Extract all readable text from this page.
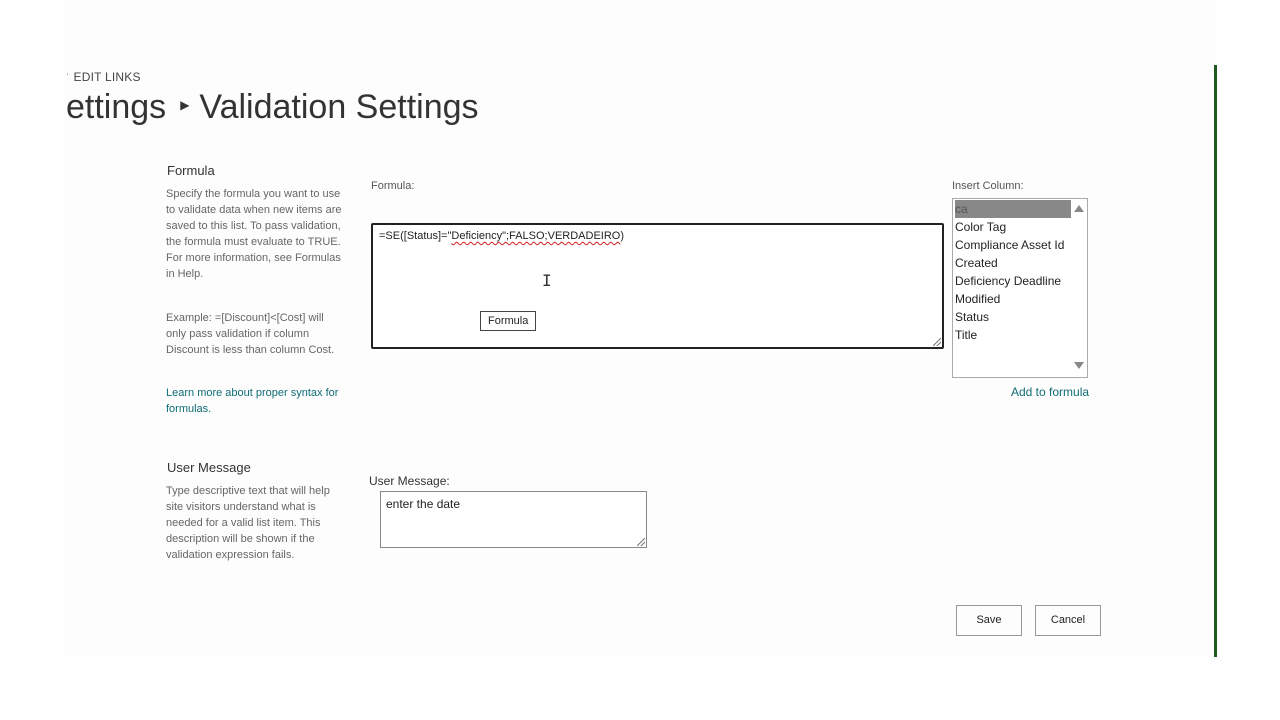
ˈ EDIT LINKS
ettings ▶ Validation Settings
Formula
Specify the formula you want to use to validate data when new items are saved to this list. To pass validation, the formula must evaluate to TRUE. For more information, see Formulas in Help.
Example: =[Discount]<[Cost] will only pass validation if column Discount is less than column Cost.
Learn more about proper syntax for formulas.
Formula:
=SE([Status]="Deficiency";FALSO;VERDADEIRO)
I
Formula
Insert Column:
ca
Color Tag
Compliance Asset Id
Created
Deficiency Deadline
Modified
Status
Title
Add to formula
User Message
Type descriptive text that will help site visitors understand what is needed for a valid list item. This description will be shown if the validation expression fails.
User Message:
enter the date
Save	Cancel
